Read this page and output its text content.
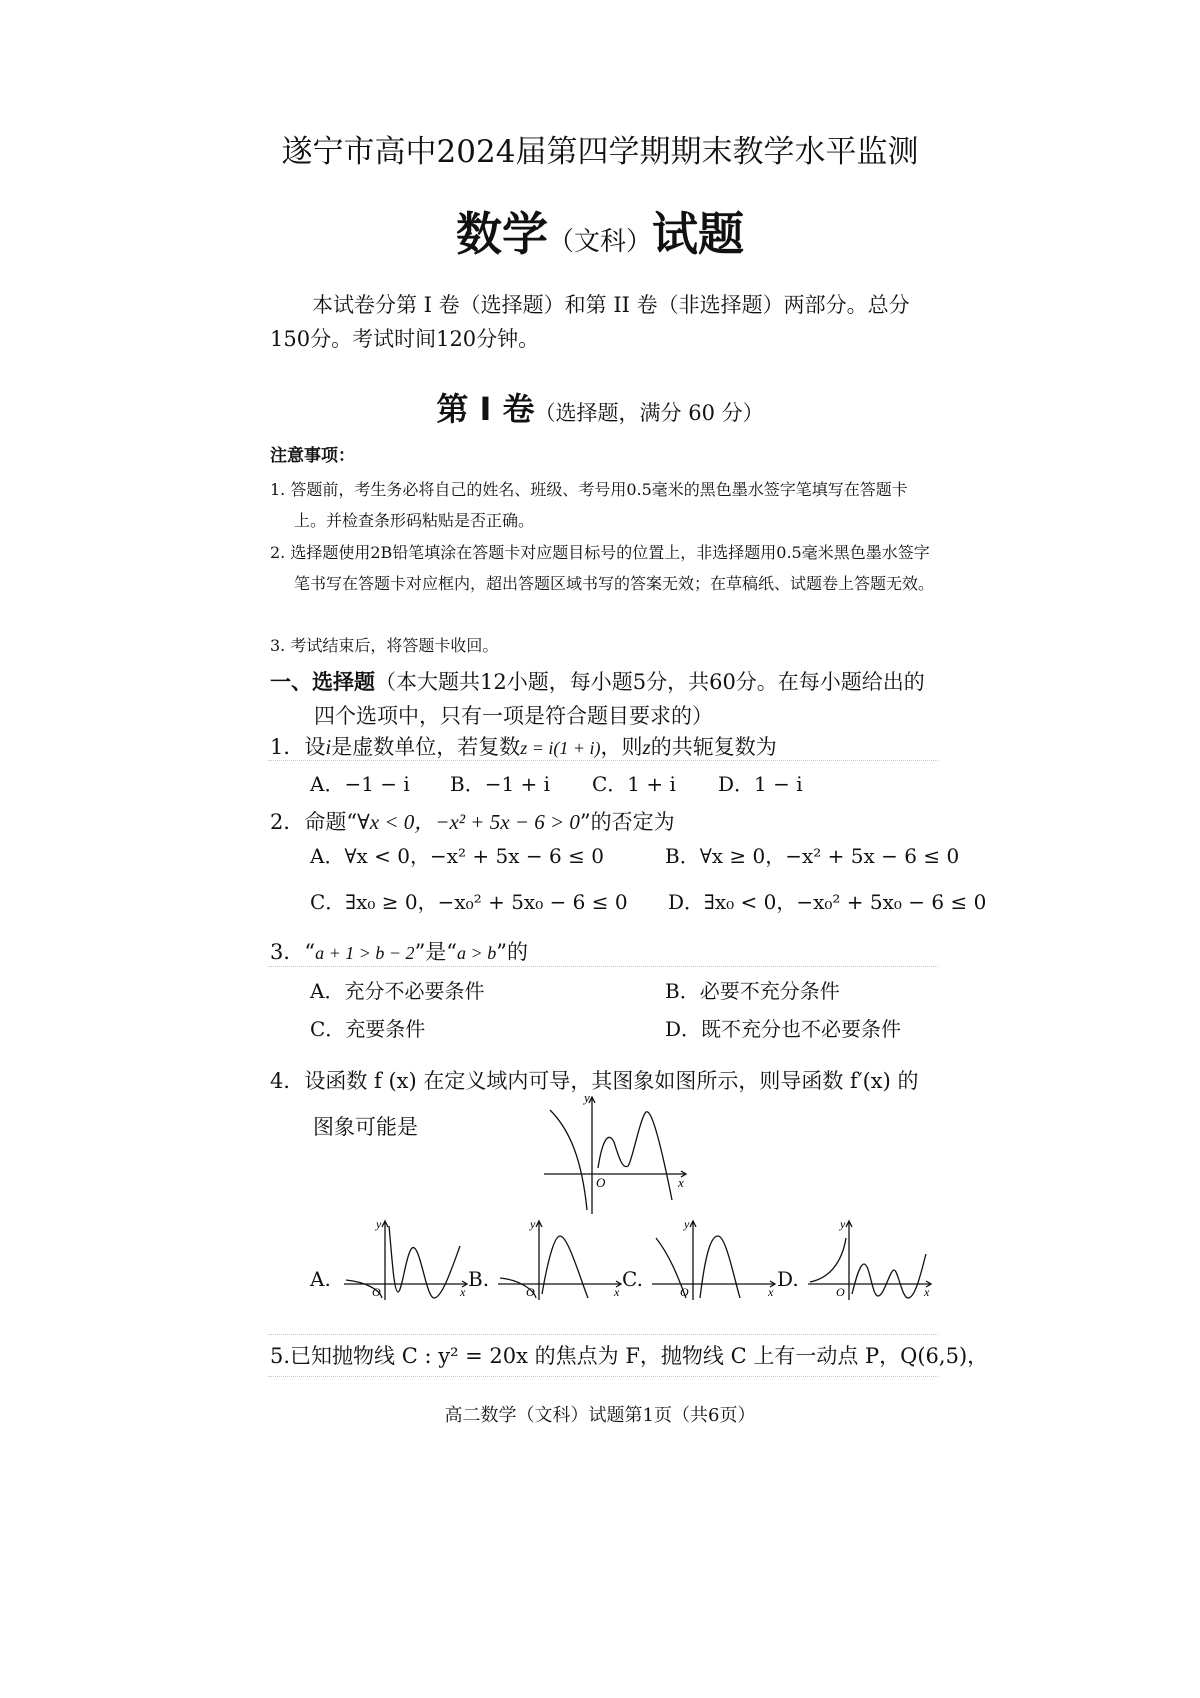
遂宁市高中2024届第四学期期末教学水平监测
数学（文科）试题
本试卷分第 I 卷（选择题）和第 II 卷（非选择题）两部分。总分150分。考试时间120分钟。
第 Ⅰ 卷（选择题，满分 60 分）
注意事项：
1. 答题前，考生务必将自己的姓名、班级、考号用0.5毫米的黑色墨水签字笔填写在答题卡上。并检查条形码粘贴是否正确。
2. 选择题使用2B铅笔填涂在答题卡对应题目标号的位置上，非选择题用0.5毫米黑色墨水签字笔书写在答题卡对应框内，超出答题区域书写的答案无效；在草稿纸、试题卷上答题无效。
3. 考试结束后，将答题卡收回。
一、选择题（本大题共12小题，每小题5分，共60分。在每小题给出的四个选项中，只有一项是符合题目要求的）
1．设i是虚数单位，若复数z = i(1 + i)，则z的共轭复数为
A．−1 − i B．−1 + i C．1 + i D．1 − i
2．命题“∀x < 0，−x² + 5x − 6 > 0”的否定为
A．∀x < 0，−x² + 5x − 6 ≤ 0	B．∀x ≥ 0，−x² + 5x − 6 ≤ 0
C．∃x₀ ≥ 0，−x₀² + 5x₀ − 6 ≤ 0 D．∃x₀ < 0，−x₀² + 5x₀ − 6 ≤ 0
3．“a + 1 > b − 2”是“a > b”的
A．充分不必要条件	B．必要不充分条件
C．充要条件	D．既不充分也不必要条件
4．设函数 f (x) 在定义域内可导，其图象如图所示，则导函数 f′(x) 的
图象可能是
y
x
O
A.
y
x
O
B.
y
x
O
C.
y
x
O
D.
y
x
O
5.已知抛物线 C : y² = 20x 的焦点为 F，抛物线 C 上有一动点 P，Q(6,5)，
高二数学（文科）试题第1页（共6页）
